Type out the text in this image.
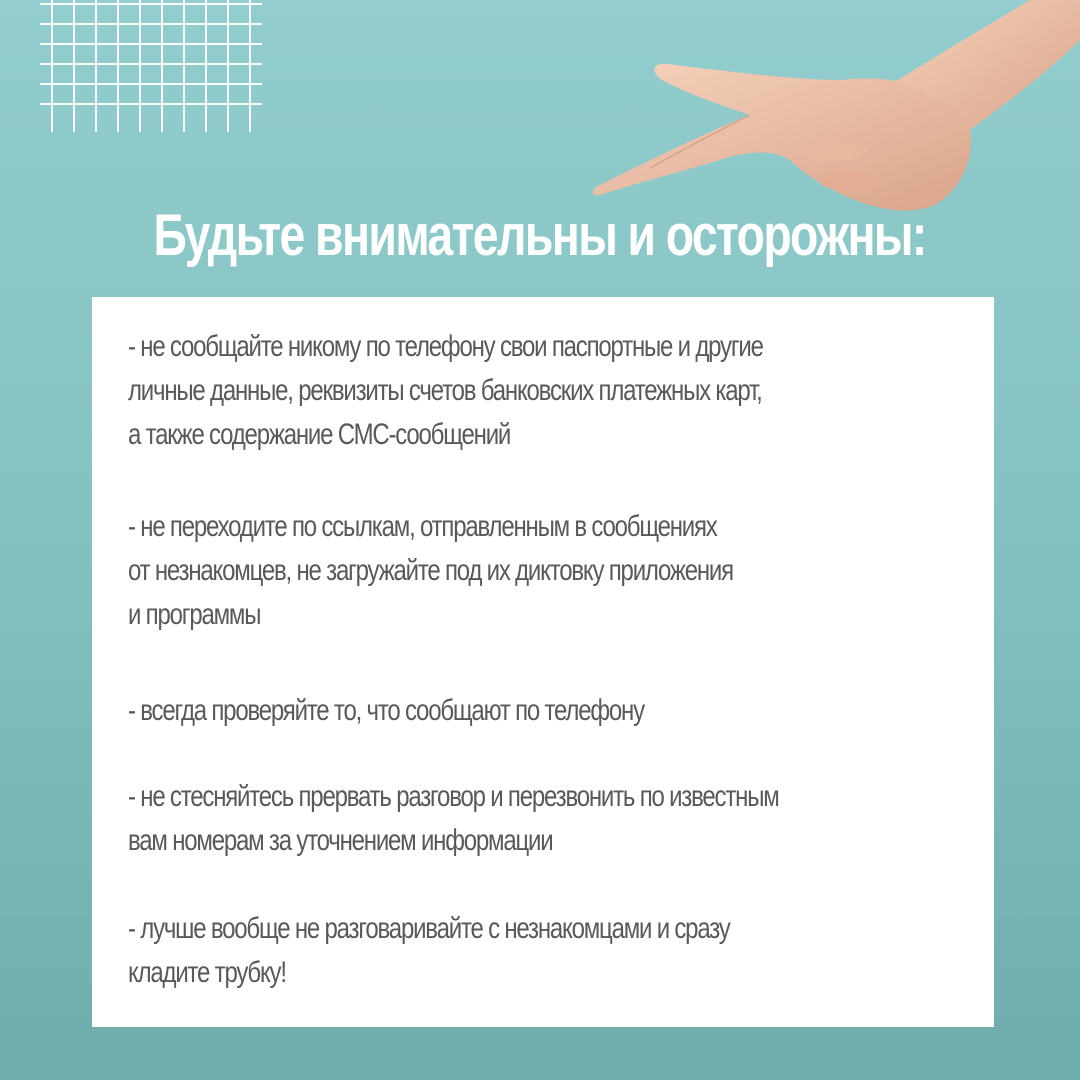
Будьте внимательны и осторожны:
- не сообщайте никому по телефону свои паспортные и другие
личные данные, реквизиты счетов банковских платежных карт,
а также содержание СМС-сообщений
- не переходите по ссылкам, отправленным в сообщениях
от незнакомцев, не загружайте под их диктовку приложения
и программы
- всегда проверяйте то, что сообщают по телефону
- не стесняйтесь прервать разговор и перезвонить по известным
вам номерам за уточнением информации
- лучше вообще не разговаривайте с незнакомцами и сразу
кладите трубку!
